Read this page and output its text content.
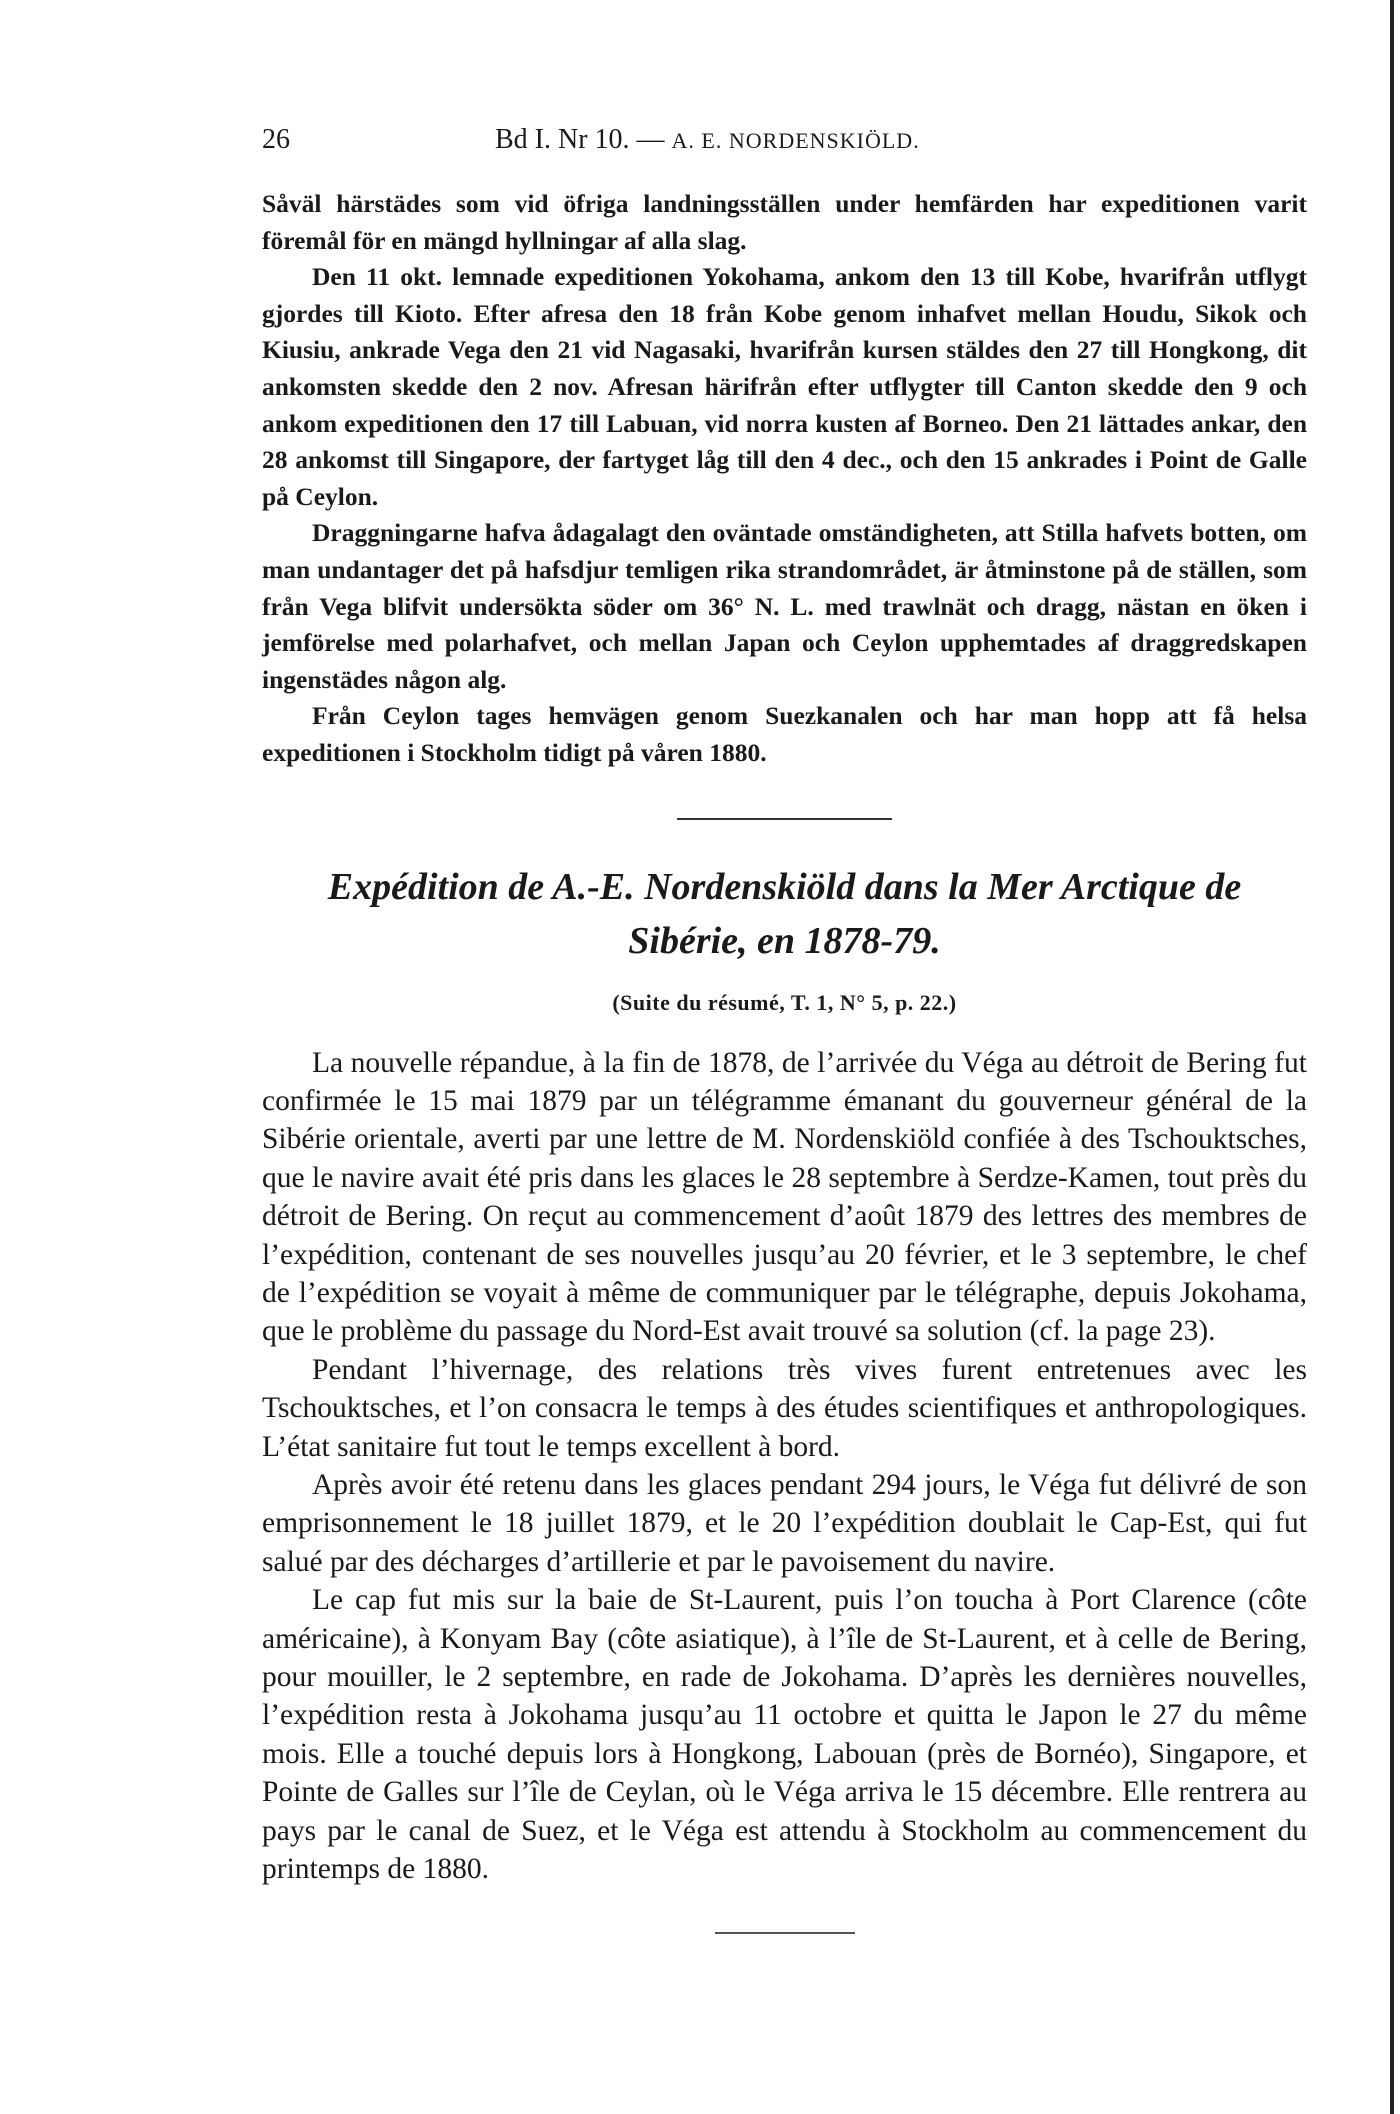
26	Bd I. Nr 10. — A. E. NORDENSKIÖLD.

Såväl härstädes som vid öfriga landningsställen under hemfärden har expeditionen varit föremål för en mängd hyllningar af alla slag.

Den 11 okt. lemnade expeditionen Yokohama, ankom den 13 till Kobe, hvarifrån utflygt gjordes till Kioto. Efter afresa den 18 från Kobe genom inhafvet mellan Houdu, Sikok och Kiusiu, ankrade Vega den 21 vid Nagasaki, hvarifrån kursen stäldes den 27 till Hongkong, dit ankomsten skedde den 2 nov. Afresan härifrån efter utflygter till Canton skedde den 9 och ankom expeditionen den 17 till Labuan, vid norra kusten af Borneo. Den 21 lättades ankar, den 28 ankomst till Singapore, der fartyget låg till den 4 dec., och den 15 ankrades i Point de Galle på Ceylon.

Draggningarne hafva ådagalagt den oväntade omständigheten, att Stilla hafvets botten, om man undantager det på hafsdjur temligen rika strandområdet, är åtminstone på de ställen, som från Vega blifvit undersökta söder om 36° N. L. med trawlnät och dragg, nästan en öken i jemförelse med polarhafvet, och mellan Japan och Ceylon upphemtades af draggredskapen ingenstädes någon alg.

Från Ceylon tages hemvägen genom Suezkanalen och har man hopp att få helsa expeditionen i Stockholm tidigt på våren 1880.

Expédition de A.-E. Nordenskiöld dans la Mer Arctique de
Sibérie, en 1878-79.
(Suite du résumé, T. 1, N° 5, p. 22.)

La nouvelle répandue, à la fin de 1878, de l’arrivée du Véga au détroit de Bering fut confirmée le 15 mai 1879 par un télégramme émanant du gouverneur général de la Sibérie orientale, averti par une lettre de M. Nordenskiöld confiée à des Tschouktsches, que le navire avait été pris dans les glaces le 28 septembre à Serdze-Kamen, tout près du détroit de Bering. On reçut au commencement d’août 1879 des lettres des membres de l’expédition, contenant de ses nouvelles jusqu’au 20 février, et le 3 septembre, le chef de l’expédition se voyait à même de communiquer par le télégraphe, depuis Jokohama, que le problème du passage du Nord-Est avait trouvé sa solution (cf. la page 23).

Pendant l’hivernage, des relations très vives furent entretenues avec les Tschouktsches, et l’on consacra le temps à des études scientifiques et anthropologiques. L’état sanitaire fut tout le temps excellent à bord.

Après avoir été retenu dans les glaces pendant 294 jours, le Véga fut délivré de son emprisonnement le 18 juillet 1879, et le 20 l’expédition doublait le Cap-Est, qui fut salué par des décharges d’artillerie et par le pavoisement du navire.

Le cap fut mis sur la baie de St-Laurent, puis l’on toucha à Port Clarence (côte américaine), à Konyam Bay (côte asiatique), à l’île de St-Laurent, et à celle de Bering, pour mouiller, le 2 septembre, en rade de Jokohama. D’après les dernières nouvelles, l’expédition resta à Jokohama jusqu’au 11 octobre et quitta le Japon le 27 du même mois. Elle a touché depuis lors à Hongkong, Labouan (près de Bornéo), Singapore, et Pointe de Galles sur l’île de Ceylan, où le Véga arriva le 15 décembre. Elle rentrera au pays par le canal de Suez, et le Véga est attendu à Stockholm au commencement du printemps de 1880.
